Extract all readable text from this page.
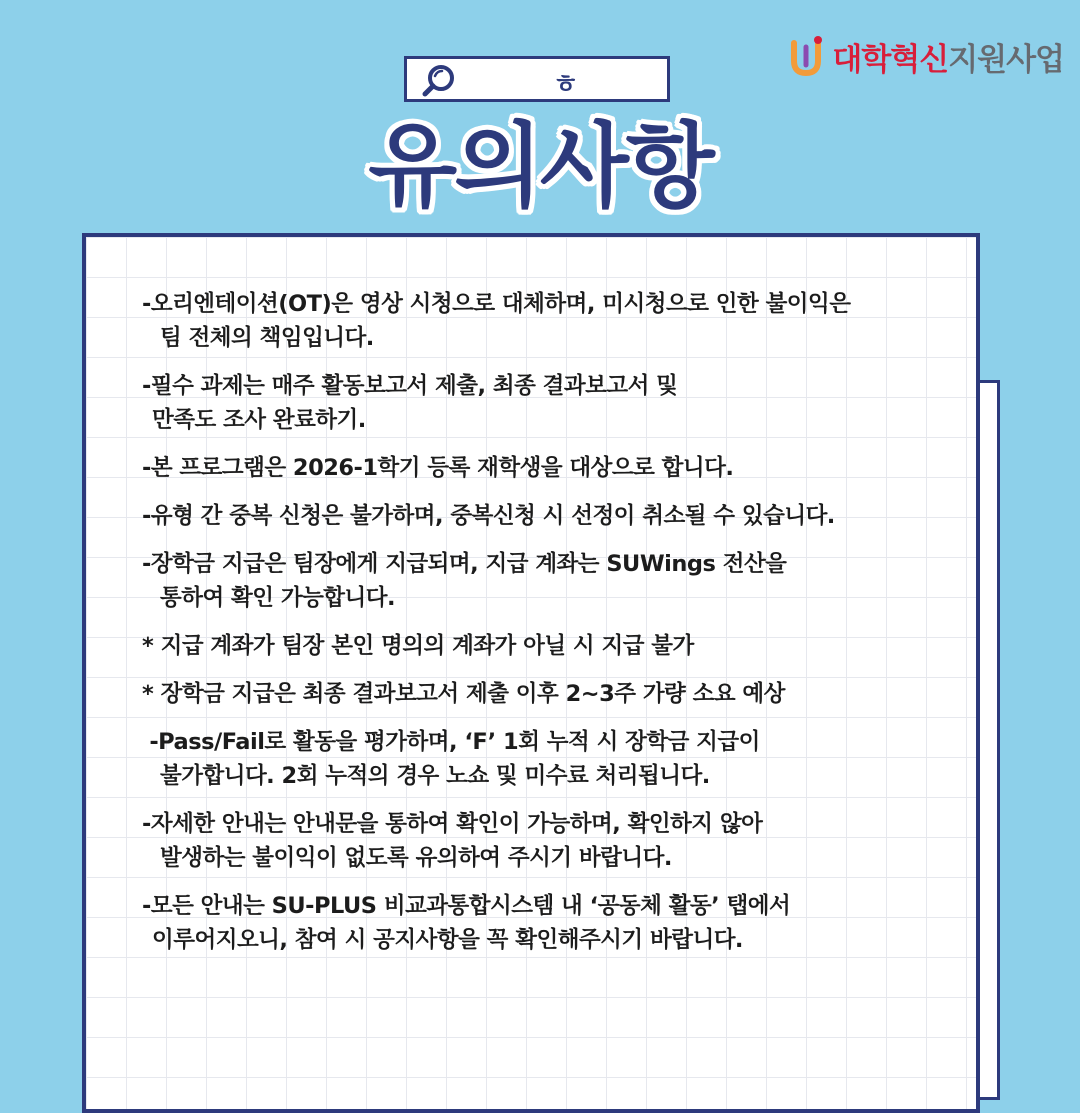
대학혁신지원사업
ㅎ
유의사항
-오리엔테이션(OT)은 영상 시청으로 대체하며, 미시청으로 인한 불이익은
팀 전체의 책임입니다.
-필수 과제는 매주 활동보고서 제출, 최종 결과보고서 및
만족도 조사 완료하기.
-본 프로그램은 2026-1학기 등록 재학생을 대상으로 합니다.
-유형 간 중복 신청은 불가하며, 중복신청 시 선정이 취소될 수 있습니다.
-장학금 지급은 팀장에게 지급되며, 지급 계좌는 SUWings 전산을
통하여 확인 가능합니다.
* 지급 계좌가 팀장 본인 명의의 계좌가 아닐 시 지급 불가
* 장학금 지급은 최종 결과보고서 제출 이후 2~3주 가량 소요 예상
-Pass/Fail로 활동을 평가하며, ‘F’ 1회 누적 시 장학금 지급이
불가합니다. 2회 누적의 경우 노쇼 및 미수료 처리됩니다.
-자세한 안내는 안내문을 통하여 확인이 가능하며, 확인하지 않아
발생하는 불이익이 없도록 유의하여 주시기 바랍니다.
-모든 안내는 SU-PLUS 비교과통합시스템 내 ‘공동체 활동’ 탭에서
이루어지오니, 참여 시 공지사항을 꼭 확인해주시기 바랍니다.
